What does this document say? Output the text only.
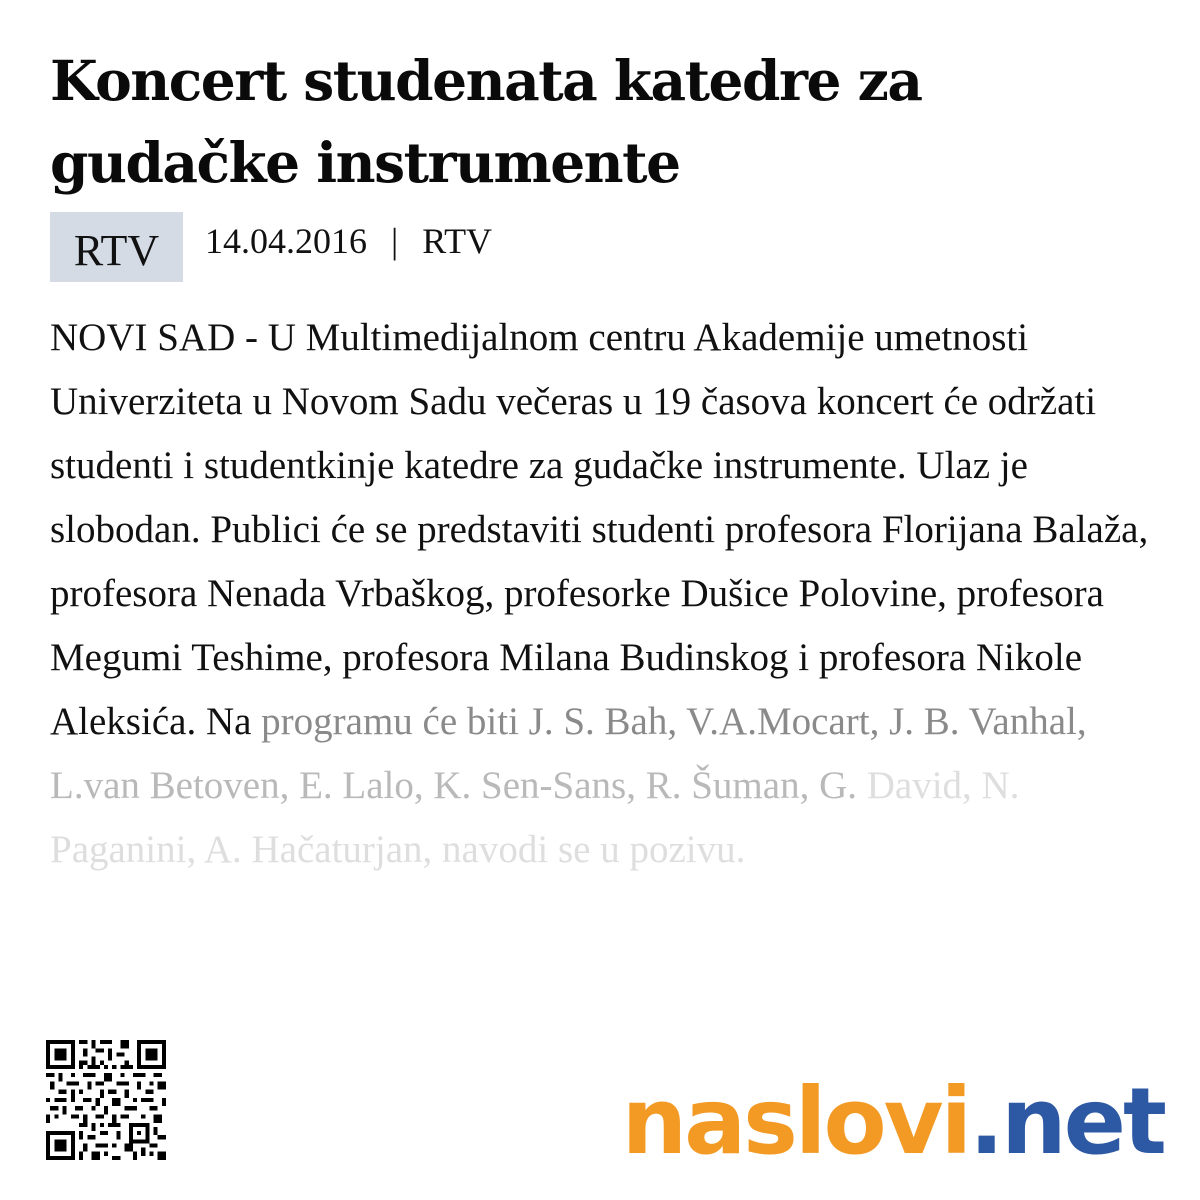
Koncert studenata katedre za gudačke instrumente
RTV	14.04.2016 | RTV

NOVI SAD - U Multimedijalnom centru Akademije umetnosti Univerziteta u Novom Sadu večeras u 19 časova koncert će održati studenti i studentkinje katedre za gudačke instrumente. Ulaz je slobodan. Publici će se predstaviti studenti profesora Florijana Balaža, profesora Nenada Vrbaškog, profesorke Dušice Polovine, profesora Megumi Teshime, profesora Milana Budinskog i profesora Nikole Aleksića. Na programu će biti J. S. Bah, V.A.Mocart, J. B. Vanhal, L.van Betoven, E. Lalo, K. Sen-Sans, R. Šuman, G. David, N. Paganini, A. Hačaturjan, navodi se u pozivu.

naslovi .net
